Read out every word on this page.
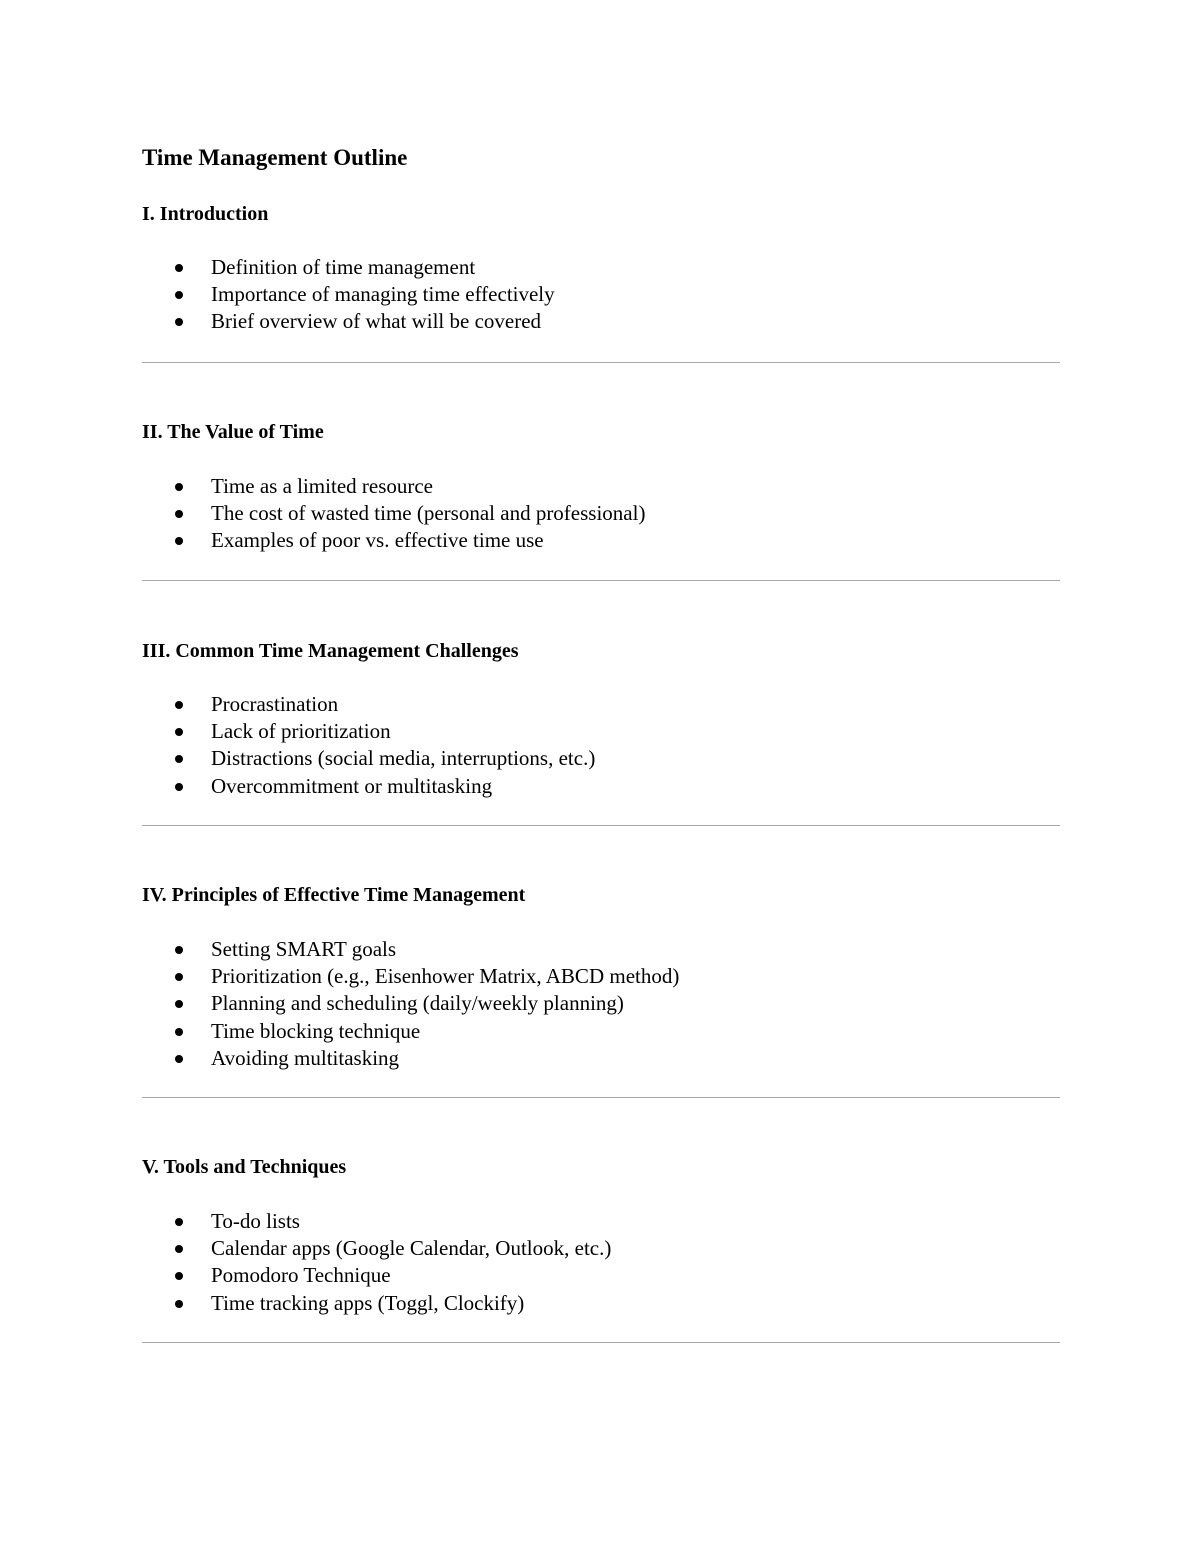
Time Management Outline
I. Introduction
Definition of time management
Importance of managing time effectively
Brief overview of what will be covered
II. The Value of Time
Time as a limited resource
The cost of wasted time (personal and professional)
Examples of poor vs. effective time use
III. Common Time Management Challenges
Procrastination
Lack of prioritization
Distractions (social media, interruptions, etc.)
Overcommitment or multitasking
IV. Principles of Effective Time Management
Setting SMART goals
Prioritization (e.g., Eisenhower Matrix, ABCD method)
Planning and scheduling (daily/weekly planning)
Time blocking technique
Avoiding multitasking
V. Tools and Techniques
To-do lists
Calendar apps (Google Calendar, Outlook, etc.)
Pomodoro Technique
Time tracking apps (Toggl, Clockify)
